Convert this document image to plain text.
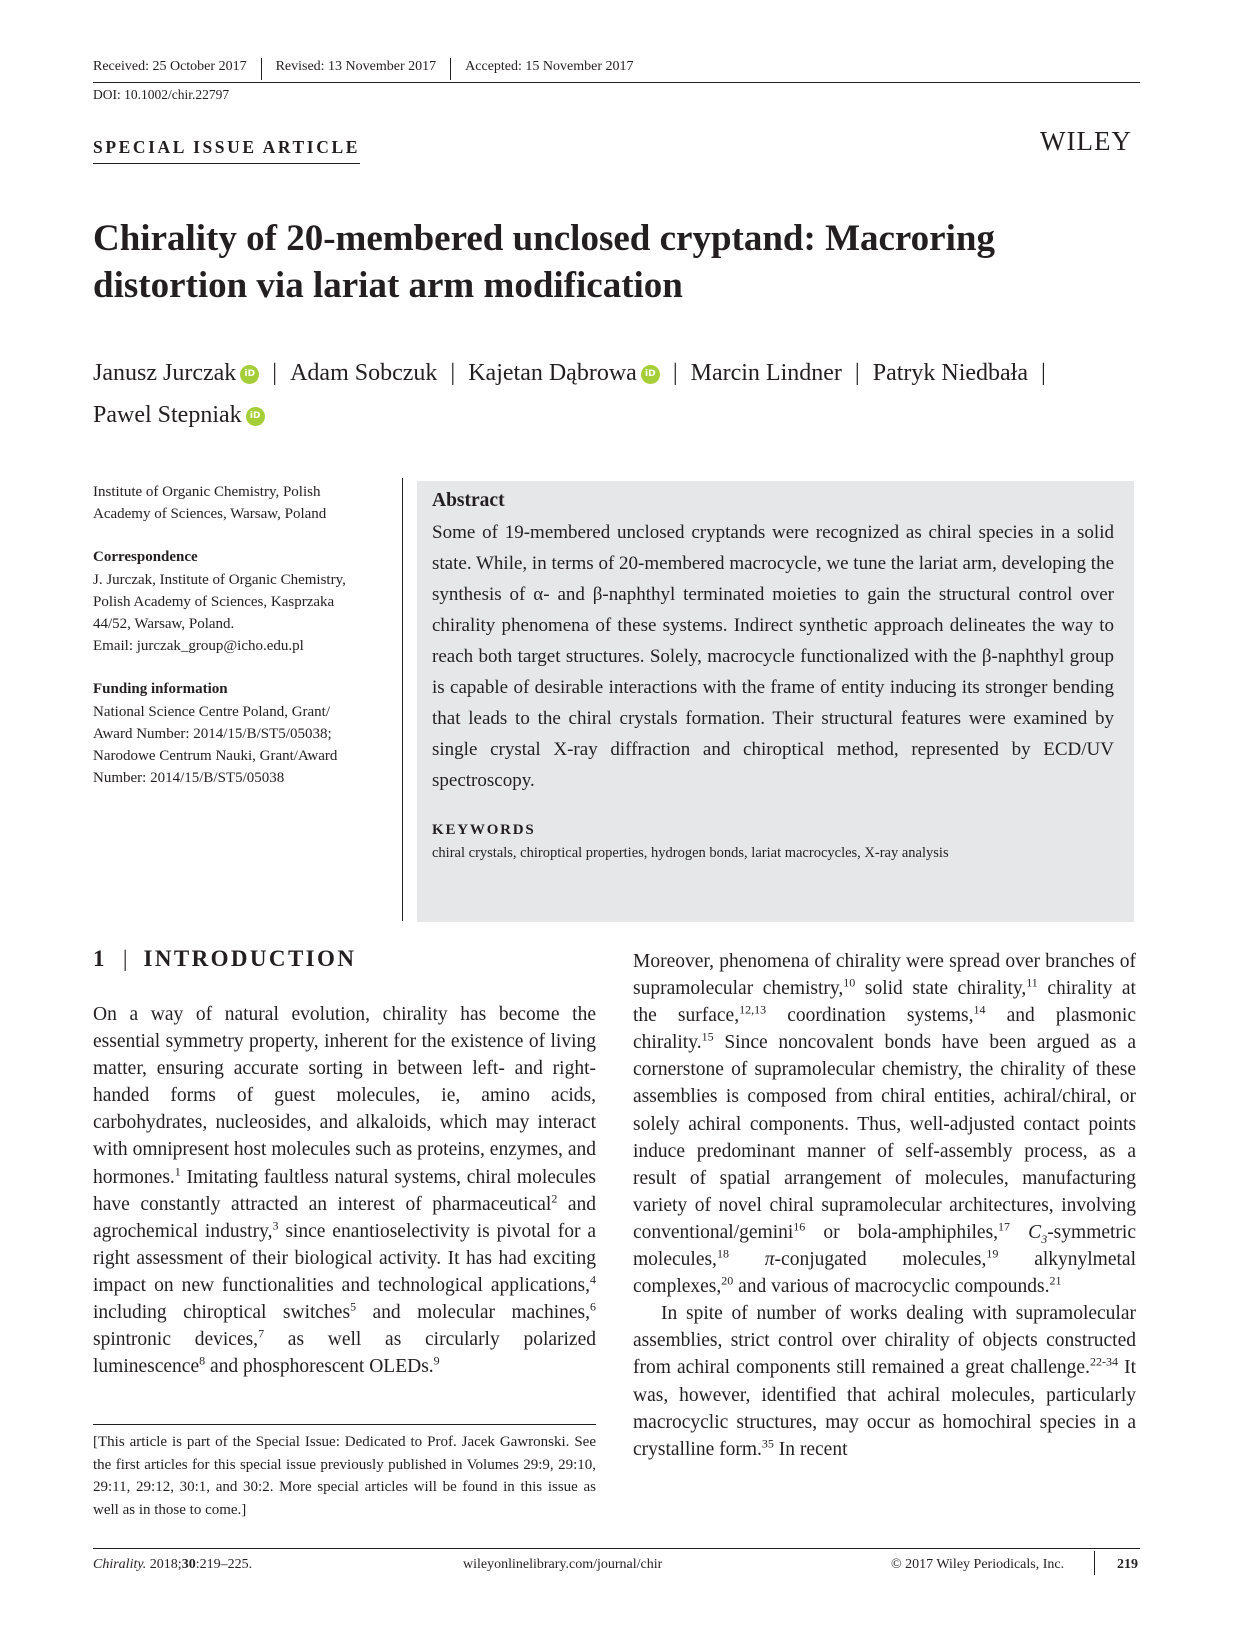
Received: 25 October 2017	Revised: 13 November 2017	Accepted: 15 November 2017
DOI: 10.1002/chir.22797
SPECIAL ISSUE ARTICLE	WILEY
Chirality of 20-membered unclosed cryptand: Macroring distortion via lariat arm modification
Janusz Jurczak iD | Adam Sobczuk | Kajetan Dąbrowa iD | Marcin Lindner | Patryk Niedbała |
Pawel Stepniak iD

Institute of Organic Chemistry, Polish

Academy of Sciences, Warsaw, Poland

Correspondence

J. Jurczak, Institute of Organic Chemistry,

Polish Academy of Sciences, Kasprzaka

44/52, Warsaw, Poland.

Email: jurczak_group@icho.edu.pl

Funding information

National Science Centre Poland, Grant/

Award Number: 2014/15/B/ST5/05038;

Narodowe Centrum Nauki, Grant/Award

Number: 2014/15/B/ST5/05038

Abstract
Some of 19-membered unclosed cryptands were recognized as chiral species in a solid state. While, in terms of 20-membered macrocycle, we tune the lariat arm, developing the synthesis of α- and β-naphthyl terminated moieties to gain the structural control over chirality phenomena of these systems. Indirect synthetic approach delineates the way to reach both target structures. Solely, macrocycle functionalized with the β-naphthyl group is capable of desirable interactions with the frame of entity inducing its stronger bending that leads to the chiral crystals formation. Their structural features were examined by single crystal X-ray diffraction and chiroptical method, represented by ECD/UV spectroscopy.
KEYWORDS
chiral crystals, chiroptical properties, hydrogen bonds, lariat macrocycles, X-ray analysis
1 | INTRODUCTION
On a way of natural evolution, chirality has become the essential symmetry property, inherent for the existence of living matter, ensuring accurate sorting in between left- and right-handed forms of guest molecules, ie, amino acids, carbohydrates, nucleosides, and alkaloids, which may interact with omnipresent host molecules such as proteins, enzymes, and hormones.$^1$ Imitating faultless natural systems, chiral molecules have constantly attracted an interest of pharmaceutical$^2$ and agrochemical industry,$^3$ since enantioselectivity is pivotal for a right assessment of their biological activity. It has had exciting impact on new functionalities and technological applications,$^4$ including chiroptical switches$^5$ and molecular machines,$^6$ spintronic devices,$^7$ as well as circularly polarized luminescence$^8$ and phosphorescent OLEDs.$^9$
[This article is part of the Special Issue: Dedicated to Prof. Jacek Gawronski. See the first articles for this special issue previously published in Volumes 29:9, 29:10, 29:11, 29:12, 30:1, and 30:2. More special articles will be found in this issue as well as in those to come.]

Moreover, phenomena of chirality were spread over branches of supramolecular chemistry,$^{10}$ solid state chirality,$^{11}$ chirality at the surface,$^{12,13}$ coordination systems,$^{14}$ and plasmonic chirality.$^{15}$ Since noncovalent bonds have been argued as a cornerstone of supramolecular chemistry, the chirality of these assemblies is composed from chiral entities, achiral/chiral, or solely achiral components. Thus, well-adjusted contact points induce predominant manner of self-assembly process, as a result of spatial arrangement of molecules, manufacturing variety of novel chiral supramolecular architectures, involving conventional/gemini$^{16}$ or bola-amphiphiles,$^{17}$ $C_3$-symmetric molecules,$^{18}$ π-conjugated molecules,$^{19}$ alkynylmetal complexes,$^{20}$ and various of macrocyclic compounds.$^{21}$

In spite of number of works dealing with supramolecular assemblies, strict control over chirality of objects constructed from achiral components still remained a great challenge.$^{22-34}$ It was, however, identified that achiral molecules, particularly macrocyclic structures, may occur as homochiral species in a crystalline form.$^{35}$ In recent

Chirality. 2018;30:219–225.	wileyonlinelibrary.com/journal/chir	© 2017 Wiley Periodicals, Inc.	219
